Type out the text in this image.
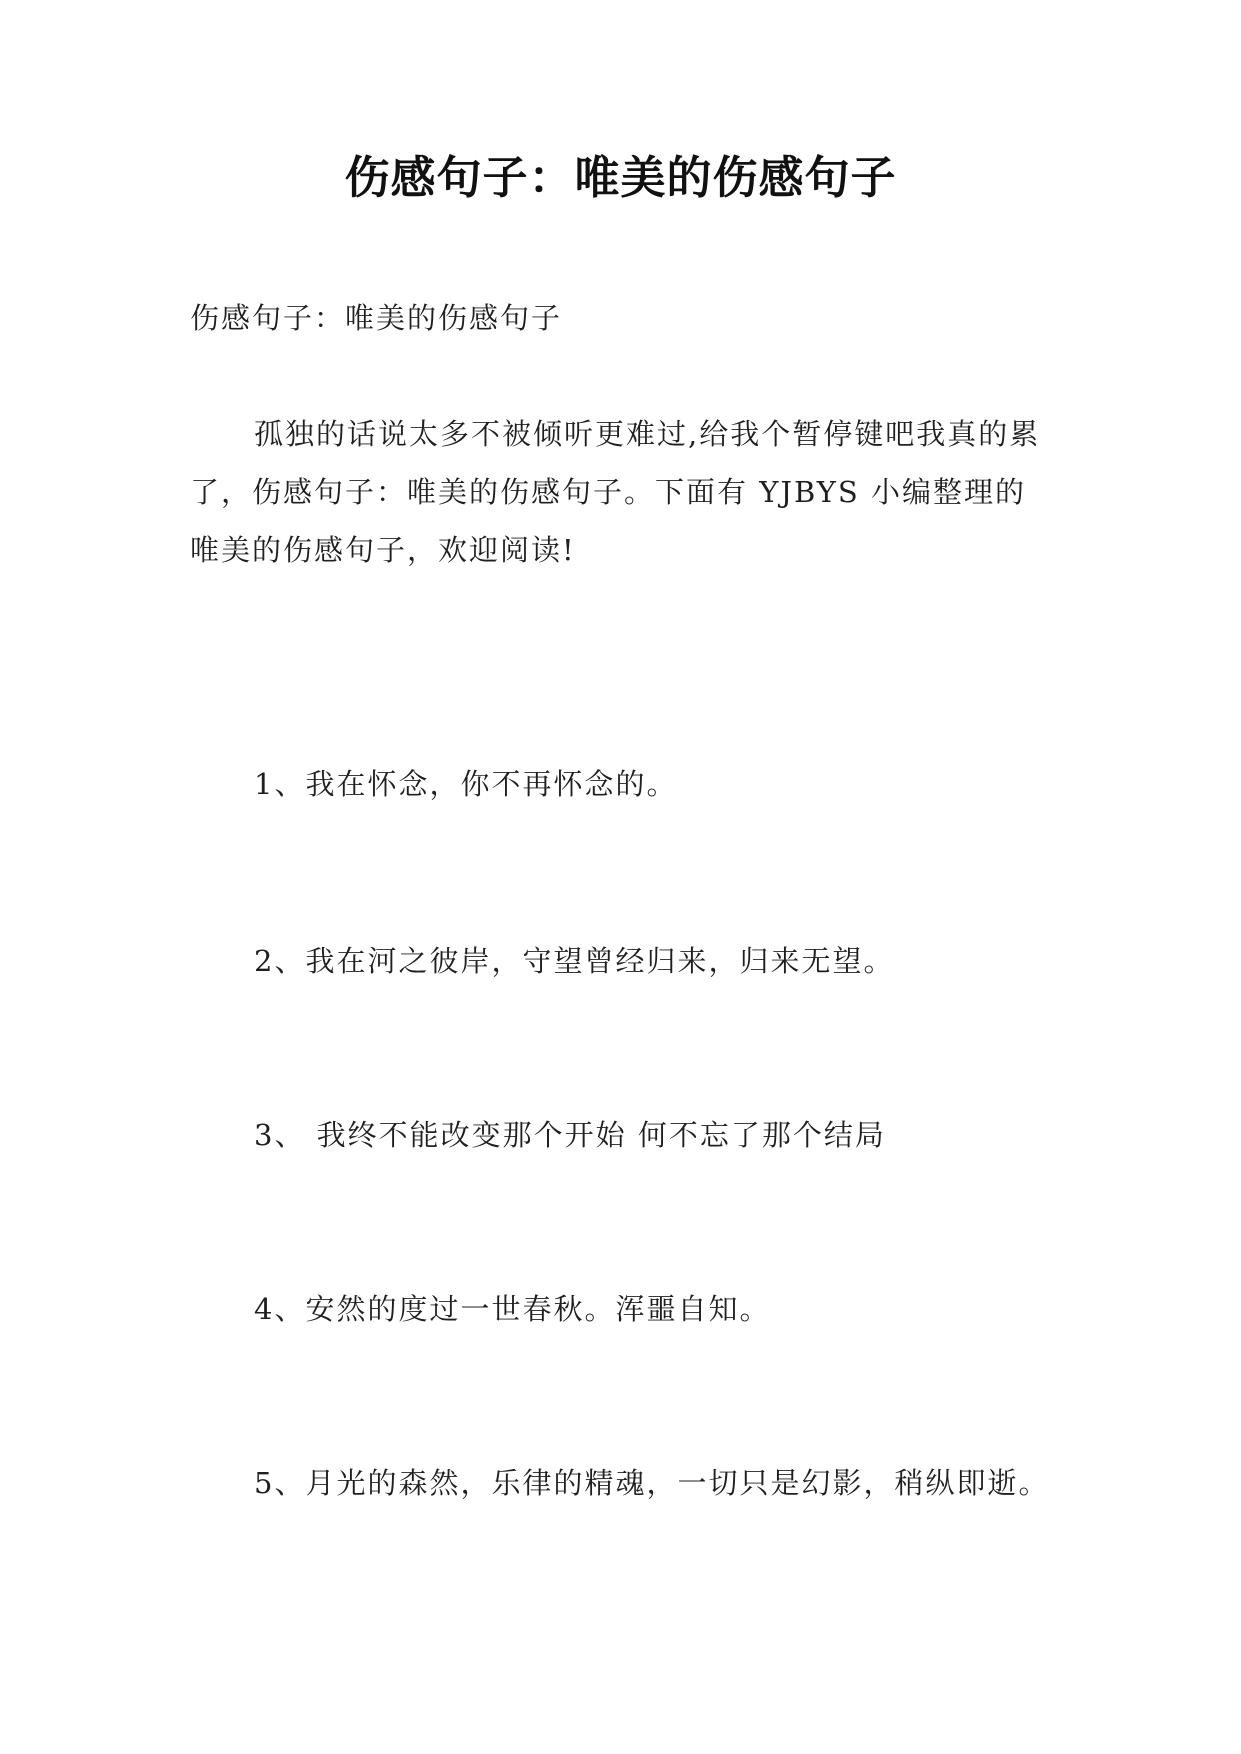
伤感句子：唯美的伤感句子
伤感句子：唯美的伤感句子
孤独的话说太多不被倾听更难过,给我个暂停键吧我真的累了，伤感句子：唯美的伤感句子。下面有 YJBYS 小编整理的唯美的伤感句子，欢迎阅读!
1、我在怀念，你不再怀念的。
2、我在河之彼岸，守望曾经归来，归来无望。
3、 我终不能改变那个开始 何不忘了那个结局
4、安然的度过一世春秋。浑噩自知。
5、月光的森然，乐律的精魂，一切只是幻影，稍纵即逝。
